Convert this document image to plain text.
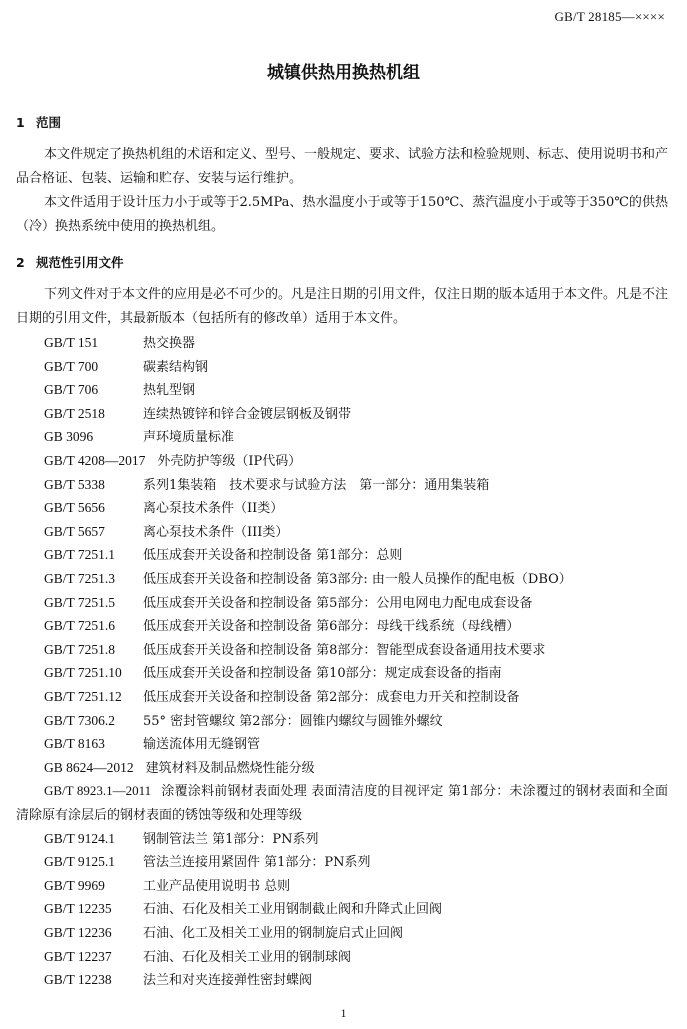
GB/T 28185—××××
城镇供热用换热机组
1 范围
本文件规定了换热机组的术语和定义、型号、一般规定、要求、试验方法和检验规则、标志、使用说明书和产品合格证、包装、运输和贮存、安装与运行维护。
本文件适用于设计压力小于或等于2.5MPa、热水温度小于或等于150℃、蒸汽温度小于或等于350℃的供热（冷）换热系统中使用的换热机组。
2 规范性引用文件
下列文件对于本文件的应用是必不可少的。凡是注日期的引用文件，仅注日期的版本适用于本文件。凡是不注日期的引用文件，其最新版本（包括所有的修改单）适用于本文件。
GB/T 151	热交换器
GB/T 700	碳素结构钢
GB/T 706	热轧型钢
GB/T 2518	连续热镀锌和锌合金镀层钢板及钢带
GB 3096	声环境质量标准
GB/T 4208—2017 外壳防护等级（IP代码）
GB/T 5338	系列1集装箱　技术要求与试验方法　第一部分：通用集装箱
GB/T 5656	离心泵技术条件（II类）
GB/T 5657	离心泵技术条件（III类）
GB/T 7251.1 低压成套开关设备和控制设备 第1部分：总则
GB/T 7251.3 低压成套开关设备和控制设备 第3部分: 由一般人员操作的配电板（DBO）
GB/T 7251.5 低压成套开关设备和控制设备 第5部分：公用电网电力配电成套设备
GB/T 7251.6 低压成套开关设备和控制设备 第6部分：母线干线系统（母线槽）
GB/T 7251.8 低压成套开关设备和控制设备 第8部分：智能型成套设备通用技术要求
GB/T 7251.10 低压成套开关设备和控制设备 第10部分：规定成套设备的指南
GB/T 7251.12 低压成套开关设备和控制设备 第2部分：成套电力开关和控制设备
GB/T 7306.2 55° 密封管螺纹 第2部分：圆锥内螺纹与圆锥外螺纹
GB/T 8163	输送流体用无缝钢管
GB 8624—2012 建筑材料及制品燃烧性能分级
GB/T 8923.1—2011 涂覆涂料前钢材表面处理 表面清洁度的目视评定 第1部分：未涂覆过的钢材表面和全面清除原有涂层后的钢材表面的锈蚀等级和处理等级
GB/T 9124.1 钢制管法兰 第1部分：PN系列
GB/T 9125.1 管法兰连接用紧固件 第1部分：PN系列
GB/T 9969	工业产品使用说明书 总则
GB/T 12235 石油、石化及相关工业用钢制截止阀和升降式止回阀
GB/T 12236 石油、化工及相关工业用的钢制旋启式止回阀
GB/T 12237 石油、石化及相关工业用的钢制球阀
GB/T 12238 法兰和对夹连接弹性密封蝶阀
1
